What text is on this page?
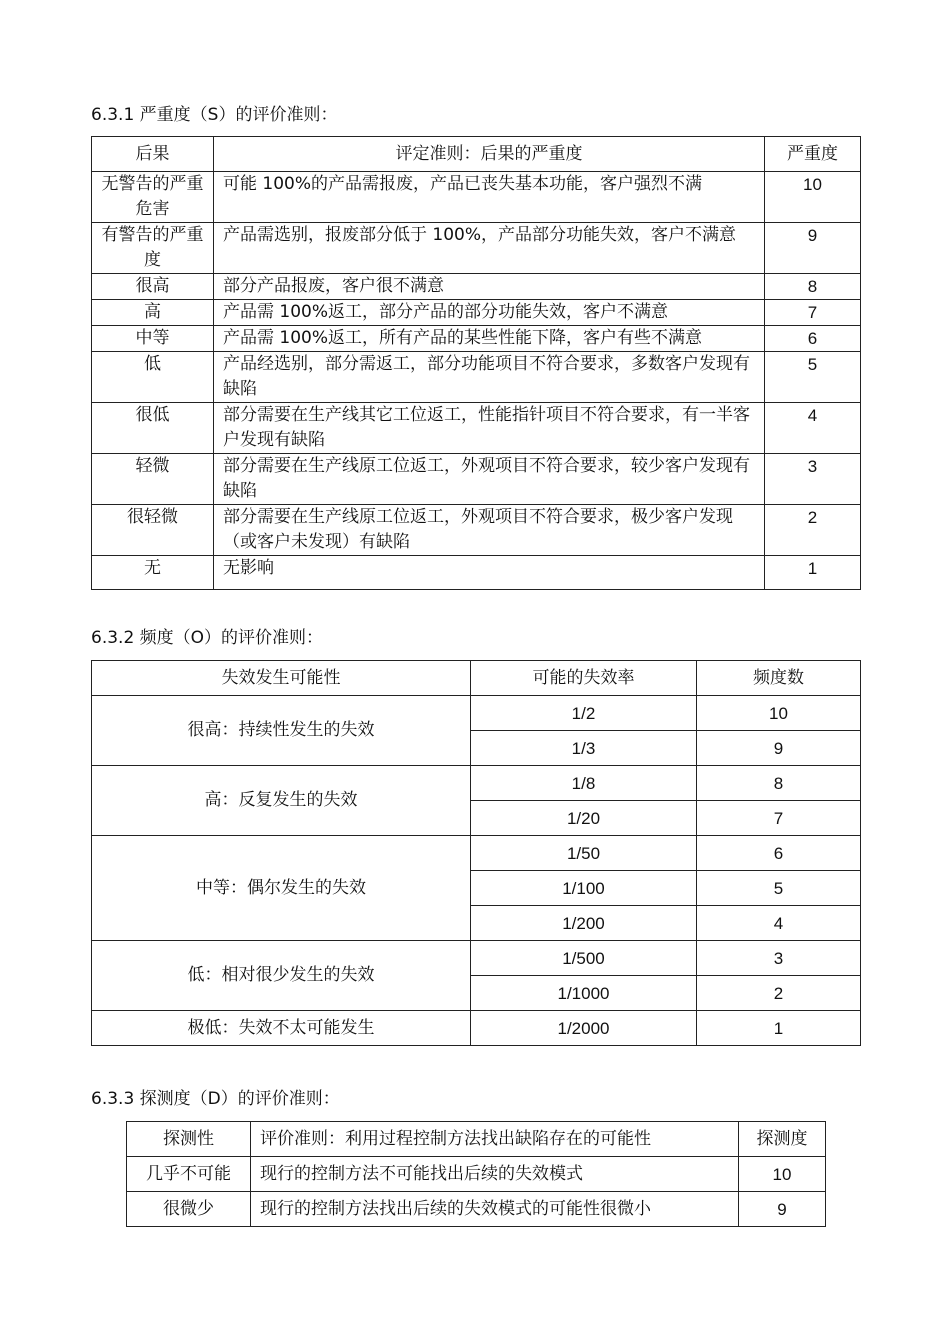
6.3.1 严重度（S）的评价准则：
后果	评定准则：后果的严重度	严重度
无警告的严重危害	可能 100%的产品需报废，产品已丧失基本功能，客户强烈不满	10
有警告的严重度	产品需选别，报废部分低于 100%，产品部分功能失效，客户不满意	9
很高	部分产品报废，客户很不满意	8
高	产品需 100%返工，部分产品的部分功能失效，客户不满意	7
中等	产品需 100%返工，所有产品的某些性能下降，客户有些不满意	6
低	产品经选别，部分需返工，部分功能项目不符合要求，多数客户发现有缺陷	5
很低	部分需要在生产线其它工位返工，性能指针项目不符合要求，有一半客户发现有缺陷	4
轻微	部分需要在生产线原工位返工，外观项目不符合要求，较少客户发现有缺陷	3
很轻微	部分需要在生产线原工位返工，外观项目不符合要求，极少客户发现（或客户未发现）有缺陷	2
无	无影响	1
6.3.2 频度（O）的评价准则：
失效发生可能性	可能的失效率	频度数
很高：持续性发生的失效	1/2	10
	1/3	9
高：反复发生的失效	1/8	8
	1/20	7
中等：偶尔发生的失效	1/50	6
	1/100	5
	1/200	4
低：相对很少发生的失效	1/500	3
	1/1000	2
极低：失效不太可能发生	1/2000	1
6.3.3 探测度（D）的评价准则：
探测性	评价准则：利用过程控制方法找出缺陷存在的可能性	探测度
几乎不可能	现行的控制方法不可能找出后续的失效模式	10
很微少	现行的控制方法找出后续的失效模式的可能性很微小	9
